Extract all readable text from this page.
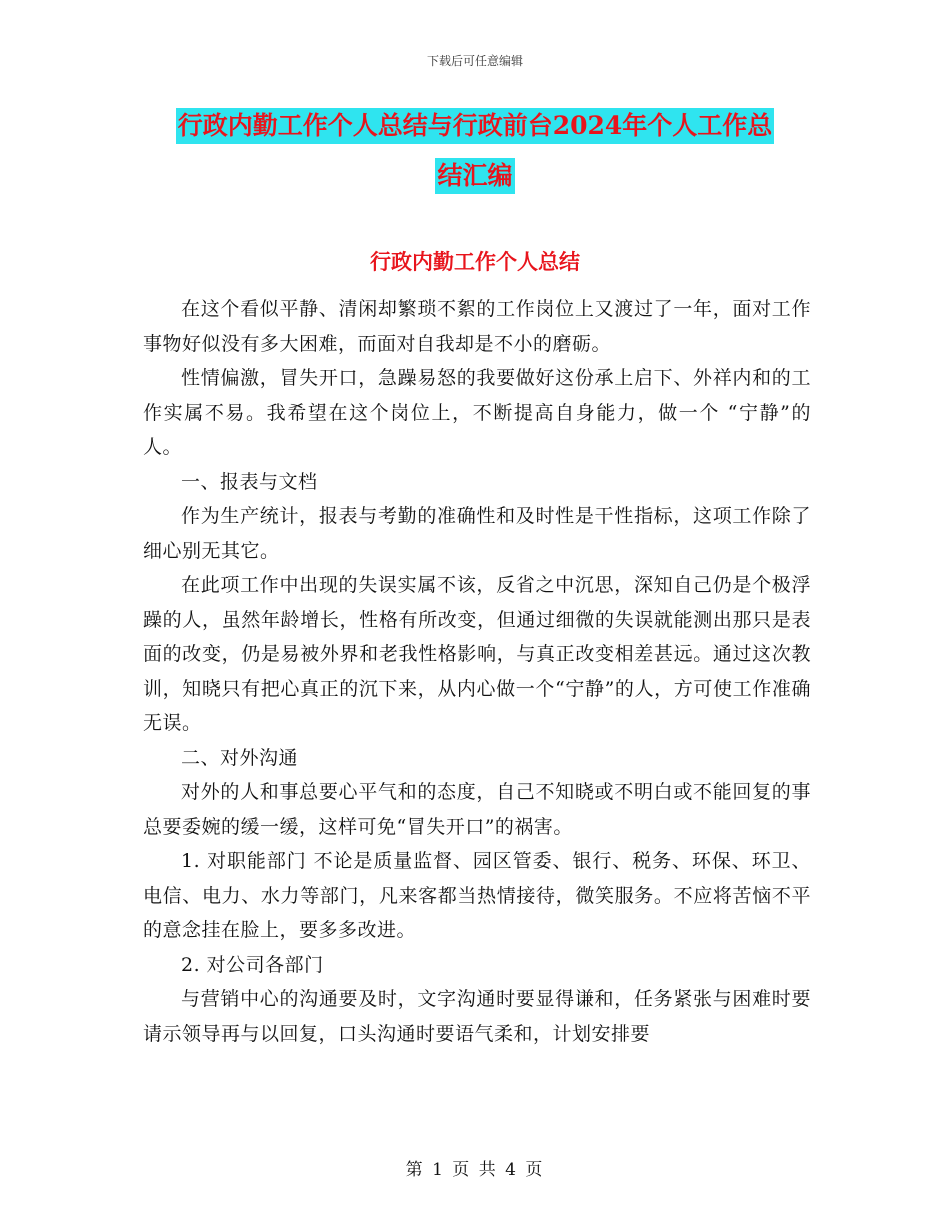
下载后可任意编辑
行政内勤工作个人总结与行政前台2024年个人工作总
结汇编
行政内勤工作个人总结

在这个看似平静、清闲却繁琐不絮的工作岗位上又渡过了一年，面对工作事物好似没有多大困难，而面对自我却是不小的磨砺。

性情偏激，冒失开口，急躁易怒的我要做好这份承上启下、外祥内和的工作实属不易。我希望在这个岗位上，不断提高自身能力，做一个 “宁静”的人。

一、报表与文档

作为生产统计，报表与考勤的准确性和及时性是干性指标，这项工作除了细心别无其它。

在此项工作中出现的失误实属不该，反省之中沉思，深知自己仍是个极浮躁的人，虽然年龄增长，性格有所改变，但通过细微的失误就能测出那只是表面的改变，仍是易被外界和老我性格影响，与真正改变相差甚远。通过这次教训，知晓只有把心真正的沉下来，从内心做一个“宁静”的人，方可使工作准确无误。

二、对外沟通

对外的人和事总要心平气和的态度，自己不知晓或不明白或不能回复的事总要委婉的缓一缓，这样可免“冒失开口”的祸害。

1. 对职能部门 不论是质量监督、园区管委、银行、税务、环保、环卫、电信、电力、水力等部门，凡来客都当热情接待，微笑服务。不应将苦恼不平的意念挂在脸上，要多多改进。

2. 对公司各部门

与营销中心的沟通要及时，文字沟通时要显得谦和，任务紧张与困难时要请示领导再与以回复，口头沟通时要语气柔和，计划安排要

第 1 页 共 4 页
